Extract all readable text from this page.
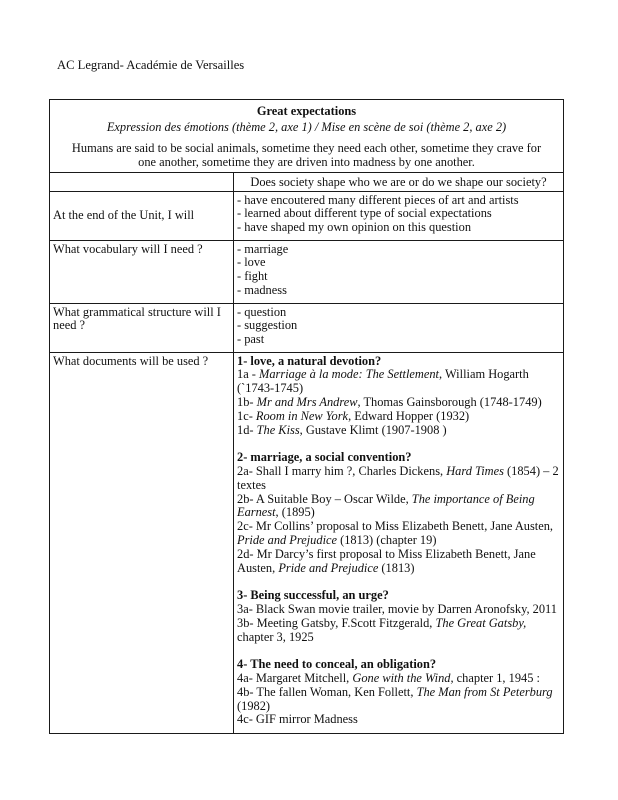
AC Legrand- Académie de Versailles
Great expectations
Expression des émotions (thème 2, axe 1) / Mise en scène de soi (thème 2, axe 2)
Humans are said to be social animals, sometime they need each other, sometime they crave for one another, sometime they are driven into madness by one another.	

	Does society shape who we are or do we shape our society?
At the end of the Unit, I will	- have encoutered many different pieces of art and artists
- learned about different type of social expectations
- have shaped my own opinion on this question

What vocabulary will I need ?	- marriage
- love
- fight
- madness

What grammatical structure will I need ?	- question
- suggestion
- past

What documents will be used ?	1- love, a natural devotion?
1a - Marriage à la mode: The Settlement, William Hogarth (`1743-1745)
1b- Mr and Mrs Andrew, Thomas Gainsborough (1748-1749)
1c- Room in New York, Edward Hopper (1932)
1d- The Kiss, Gustave Klimt (1907-1908 )
2- marriage, a social convention?
2a- Shall I marry him ?, Charles Dickens, Hard Times (1854) – 2 textes
2b- A Suitable Boy – Oscar Wilde, The importance of Being Earnest, (1895)
2c- Mr Collins’ proposal to Miss Elizabeth Benett, Jane Austen, Pride and Prejudice (1813) (chapter 19)
2d- Mr Darcy’s first proposal to Miss Elizabeth Benett, Jane Austen, Pride and Prejudice (1813)
3- Being successful, an urge?
3a- Black Swan movie trailer, movie by Darren Aronofsky, 2011
3b- Meeting Gatsby, F.Scott Fitzgerald, The Great Gatsby, chapter 3, 1925
4- The need to conceal, an obligation?
4a- Margaret Mitchell, Gone with the Wind, chapter 1, 1945 :
4b- The fallen Woman, Ken Follett, The Man from St Peterburg (1982)
4c- GIF mirror Madness
